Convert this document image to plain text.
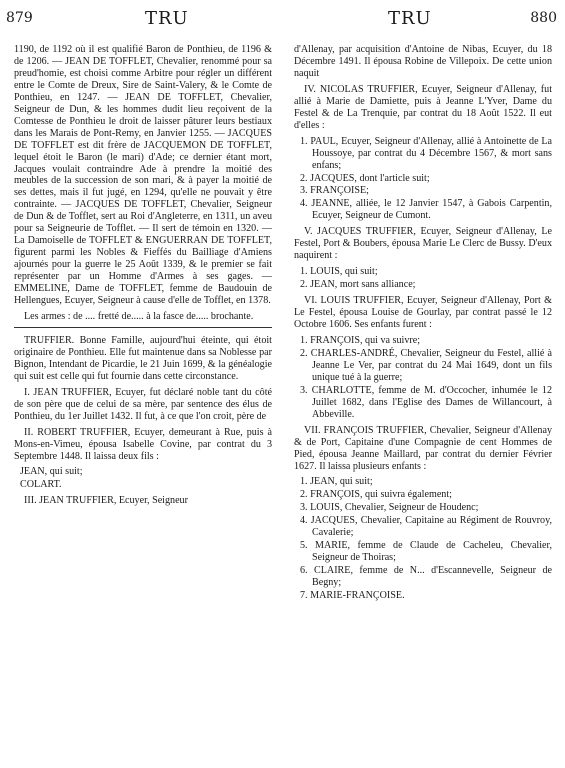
879	TRU	TRU	880

1190, de 1192 où il est qualifié Baron de Ponthieu, de 1196 & de 1206. — JEAN DE TOFFLET, Chevalier, renommé pour sa preud'homie, est choisi comme Arbitre pour régler un différent entre le Comte de Dreux, Sire de Saint-Valery, & le Comte de Ponthieu, en 1247. — JEAN DE TOFFLET, Chevalier, Seigneur de Dun, & les hommes dudit lieu reçoivent de la Comtesse de Ponthieu le droit de laisser pâturer leurs bestiaux dans les Marais de Pont-Remy, en Janvier 1255. — JACQUES DE TOFFLET est dit frère de JACQUEMON DE TOFFLET, lequel étoit le Baron (le mari) d'Ade; ce dernier étant mort, Jacques voulait contraindre Ade à prendre la moitié des meubles de la succession de son mari, & à payer la moitié de ses dettes, mais il fut jugé, en 1294, qu'elle ne pouvait y être contrainte. — JACQUES DE TOFFLET, Chevalier, Seigneur de Dun & de Tofflet, sert au Roi d'Angleterre, en 1311, un aveu pour sa Seigneurie de Tofflet. — Il sert de témoin en 1320. — La Damoiselle de TOFFLET & ENGUERRAN DE TOFFLET, figurent parmi les Nobles & Fieffés du Bailliage d'Amiens ajournés pour la guerre le 25 Août 1339, & le premier se fait représenter par un Homme d'Armes à ses gages. — EMMELINE, Dame de TOFFLET, femme de Baudouin de Hellengues, Ecuyer, Seigneur à cause d'elle de Tofflet, en 1378.

Les armes : de .... fretté de..... à la fasce de..... brochante.

TRUFFIER. Bonne Famille, aujourd'hui éteinte, qui étoit originaire de Ponthieu. Elle fut maintenue dans sa Noblesse par Bignon, Intendant de Picardie, le 21 Juin 1699, & la généalogie qui suit est celle qui fut fournie dans cette circonstance.

I. JEAN TRUFFIER, Ecuyer, fut déclaré noble tant du côté de son père que de celui de sa mère, par sentence des élus de Ponthieu, du 1er Juillet 1432. Il fut, à ce que l'on croit, père de

II. ROBERT TRUFFIER, Ecuyer, demeurant à Rue, puis à Mons-en-Vimeu, épousa Isabelle Covine, par contrat du 3 Septembre 1448. Il laissa deux fils :

JEAN, qui suit;
COLART.

III. JEAN TRUFFIER, Ecuyer, Seigneur

d'Allenay, par acquisition d'Antoine de Nibas, Ecuyer, du 18 Décembre 1491. Il épousa Robine de Villepoix. De cette union naquit

IV. NICOLAS TRUFFIER, Ecuyer, Seigneur d'Allenay, fut allié à Marie de Damiette, puis à Jeanne L'Yver, Dame du Festel & de La Trenquie, par contrat du 18 Août 1522. Il eut d'elles :

1. PAUL, Ecuyer, Seigneur d'Allenay, allié à Antoinette de La Houssoye, par contrat du 4 Décembre 1567, & mort sans enfans;
2. JACQUES, dont l'article suit;
3. FRANÇOISE;
4. JEANNE, alliée, le 12 Janvier 1547, à Gabois Carpentin, Ecuyer, Seigneur de Cumont.

V. JACQUES TRUFFIER, Ecuyer, Seigneur d'Allenay, Le Festel, Port & Boubers, épousa Marie Le Clerc de Bussy. D'eux naquirent :

1. LOUIS, qui suit;
2. JEAN, mort sans alliance;

VI. LOUIS TRUFFIER, Ecuyer, Seigneur d'Allenay, Port & Le Festel, épousa Louise de Gourlay, par contrat passé le 12 Octobre 1606. Ses enfants furent :

1. FRANÇOIS, qui va suivre;
2. CHARLES-ANDRÉ, Chevalier, Seigneur du Festel, allié à Jeanne Le Ver, par contrat du 24 Mai 1649, dont un fils unique tué à la guerre;
3. CHARLOTTE, femme de M. d'Occocher, inhumée le 12 Juillet 1682, dans l'Eglise des Dames de Willancourt, à Abbeville.

VII. FRANÇOIS TRUFFIER, Chevalier, Seigneur d'Allenay & de Port, Capitaine d'une Compagnie de cent Hommes de Pied, épousa Jeanne Maillard, par contrat du dernier Février 1627. Il laissa plusieurs enfants :

1. JEAN, qui suit;
2. FRANÇOIS, qui suivra également;
3. LOUIS, Chevalier, Seigneur de Houdenc;
4. JACQUES, Chevalier, Capitaine au Régiment de Rouvroy, Cavalerie;
5. MARIE, femme de Claude de Cacheleu, Chevalier, Seigneur de Thoiras;
6. CLAIRE, femme de N... d'Escannevelle, Seigneur de Begny;
7. MARIE-FRANÇOISE.
